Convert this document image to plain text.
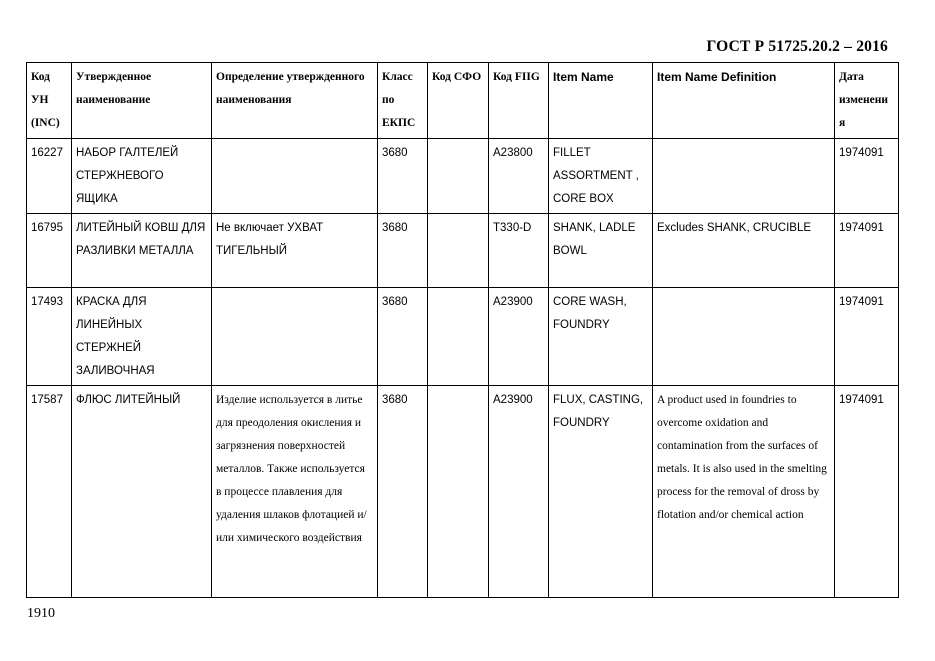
ГОСТ Р 51725.20.2 – 2016
Код УН (INC)	Утвержденное наименование	Определение утвержденного наименования	Класс по ЕКПС	Код СФО	Код FIIG	Item Name	Item Name Definition	Дата изменения
16227	НАБОР ГАЛТЕЛЕЙ СТЕРЖНЕВОГО ЯЩИКА		3680		A23800	FILLET ASSORTMENT , CORE BOX		1974091
16795	ЛИТЕЙНЫЙ КОВШ ДЛЯ РАЗЛИВКИ МЕТАЛЛА	Не включает УХВАТ ТИГЕЛЬНЫЙ	3680		T330-D	SHANK, LADLE BOWL	Excludes SHANK, CRUCIBLE	1974091
17493	КРАСКА ДЛЯ ЛИНЕЙНЫХ СТЕРЖНЕЙ ЗАЛИВОЧНАЯ		3680		A23900	CORE WASH, FOUNDRY		1974091
17587	ФЛЮС ЛИТЕЙНЫЙ	Изделие используется в литье для преодоления окисления и загрязнения поверхностей металлов. Также используется в процессе плавления для удаления шлаков флотацией и/или химического воздействия	3680		A23900	FLUX, CASTING, FOUNDRY	A product used in foundries to overcome oxidation and contamination from the surfaces of metals. It is also used in the smelting process for the removal of dross by flotation and/or chemical action	1974091
1910
